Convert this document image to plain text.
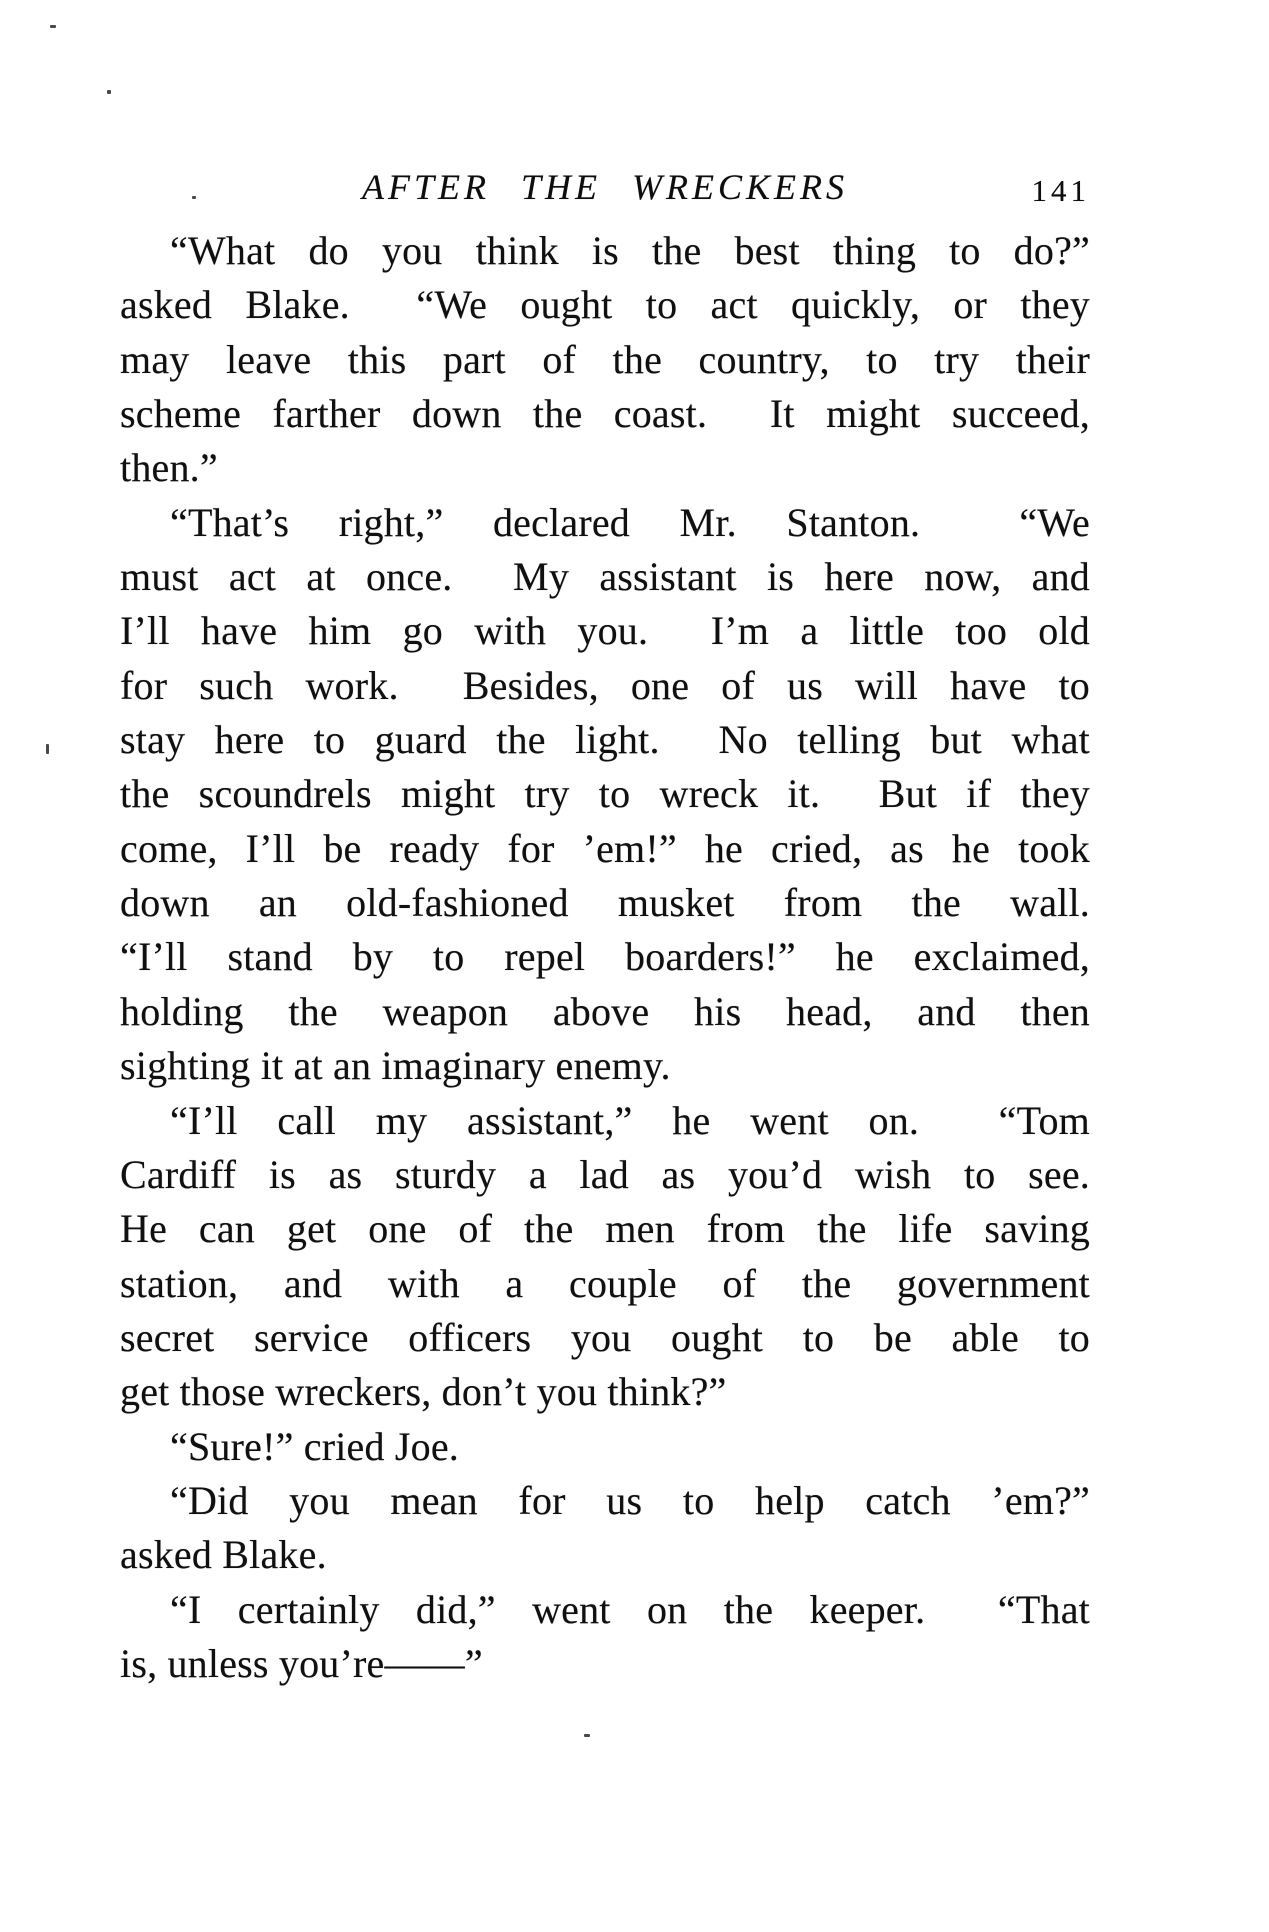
AFTER THE WRECKERS	141
“What do you think is the best thing to do?”
asked Blake.  “We ought to act quickly, or they
may leave this part of the country, to try their
scheme farther down the coast.  It might succeed,
then.”
“That’s right,” declared Mr. Stanton.  “We
must act at once.  My assistant is here now, and
I’ll have him go with you.  I’m a little too old
for such work.  Besides, one of us will have to
stay here to guard the light.  No telling but what
the scoundrels might try to wreck it.  But if they
come, I’ll be ready for ’em!” he cried, as he took
down an old-fashioned musket from the wall.
“I’ll stand by to repel boarders!” he exclaimed,
holding the weapon above his head, and then
sighting it at an imaginary enemy.
“I’ll call my assistant,” he went on.  “Tom
Cardiff is as sturdy a lad as you’d wish to see.
He can get one of the men from the life saving
station, and with a couple of the government
secret service officers you ought to be able to
get those wreckers, don’t you think?”
“Sure!” cried Joe.
“Did you mean for us to help catch ’em?”
asked Blake.
“I certainly did,” went on the keeper.  “That
is, unless you’re——”
